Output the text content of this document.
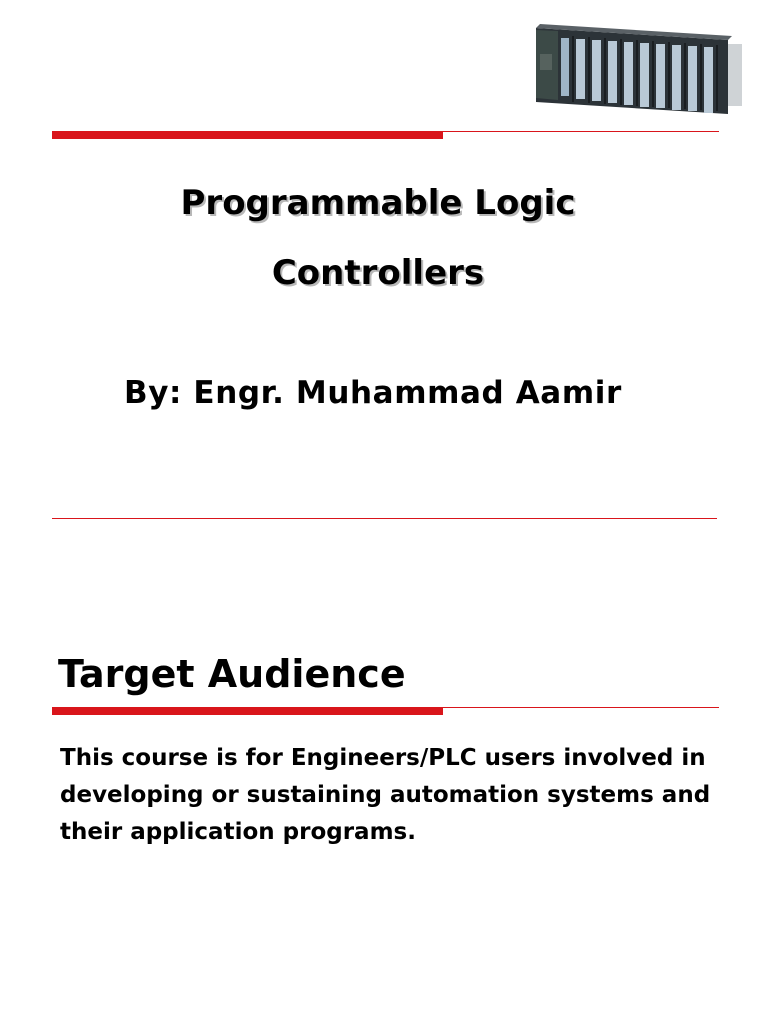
Programmable Logic
Controllers

By: Engr. Muhammad Aamir

Target Audience

This course is for Engineers/PLC users involved in developing or sustaining automation systems and their application programs.
